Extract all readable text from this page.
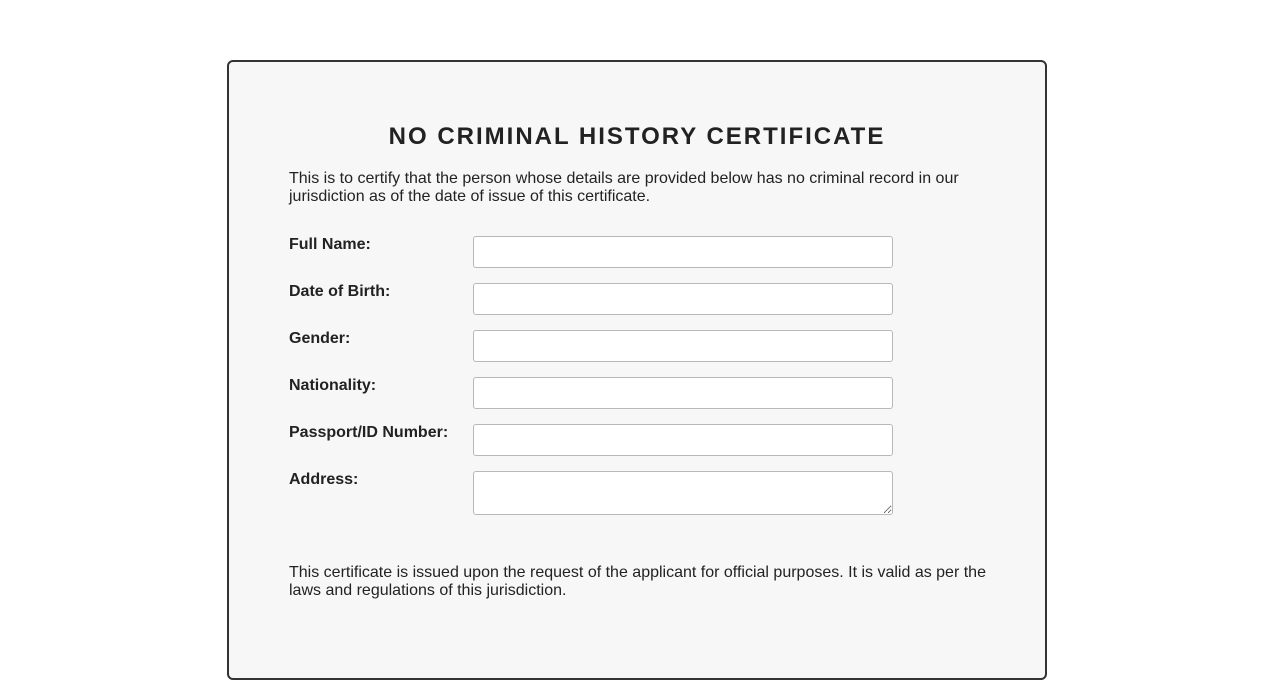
NO CRIMINAL HISTORY CERTIFICATE

This is to certify that the person whose details are provided below has no criminal record in our jurisdiction as of the date of issue of this certificate.

Full Name:
Date of Birth:
Gender:
Nationality:
Passport/ID Number:
Address:

This certificate is issued upon the request of the applicant for official purposes. It is valid as per the laws and regulations of this jurisdiction.
